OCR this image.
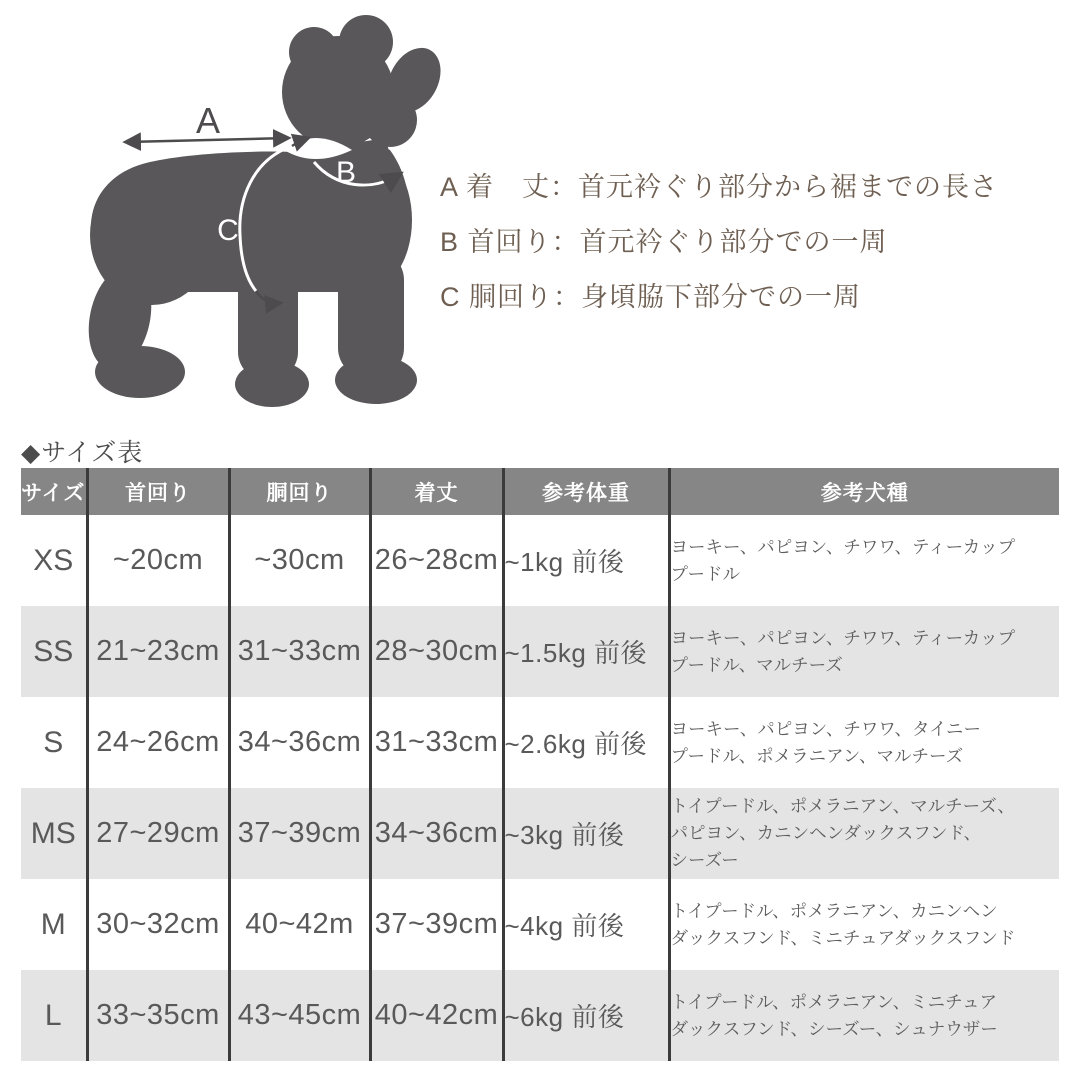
A
B
C
A 着　丈：首元衿ぐり部分から裾までの長さ
B 首回り：首元衿ぐり部分での一周
C 胴回り：身頃脇下部分での一周
◆サイズ表
サイズ	首回り	胴回り	着丈	参考体重	参考犬種
XS	~20cm	~30cm	26~28cm	~1kg 前後	ヨーキー、パピヨン、チワワ、ティーカップ
プードル

SS	21~23cm	31~33cm	28~30cm	~1.5kg 前後	ヨーキー、パピヨン、チワワ、ティーカップ
プードル、マルチーズ

S	24~26cm	34~36cm	31~33cm	~2.6kg 前後	ヨーキー、パピヨン、チワワ、タイニー
プードル、ポメラニアン、マルチーズ

MS	27~29cm	37~39cm	34~36cm	~3kg 前後	トイプードル、ポメラニアン、マルチーズ、
パピヨン、カニンヘンダックスフンド、
シーズー

M	30~32cm	40~42m	37~39cm	~4kg 前後	トイプードル、ポメラニアン、カニンヘン
ダックスフンド、ミニチュアダックスフンド

L	33~35cm	43~45cm	40~42cm	~6kg 前後	トイプードル、ポメラニアン、ミニチュア
ダックスフンド、シーズー、シュナウザー
